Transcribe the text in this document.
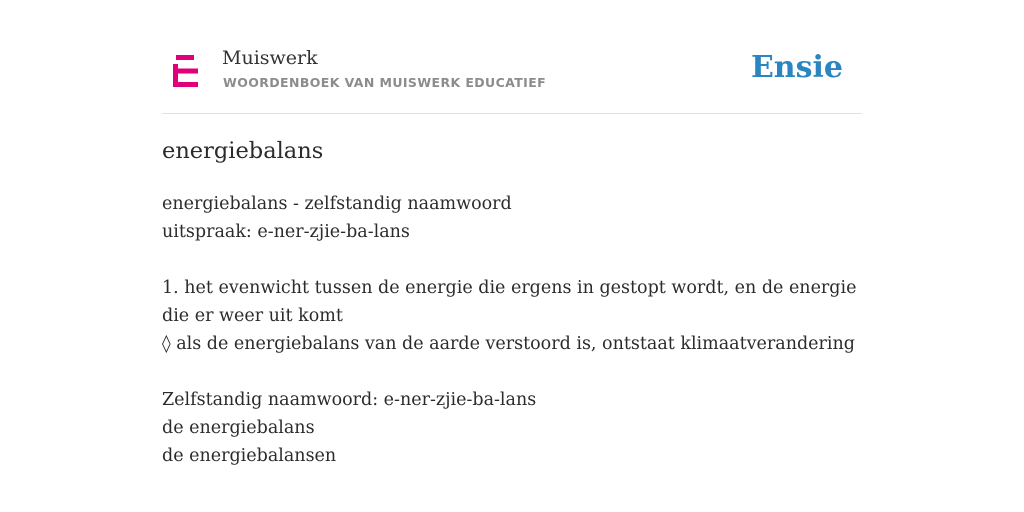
Muiswerk
WOORDENBOEK VAN MUISWERK EDUCATIEF	Ensie
energiebalans
energiebalans - zelfstandig naamwoord
uitspraak: e-ner-zjie-ba-lans
1. het evenwicht tussen de energie die ergens in gestopt wordt, en de energie die er weer uit komt
◊ als de energiebalans van de aarde verstoord is, ontstaat klimaatverandering
Zelfstandig naamwoord: e-ner-zjie-ba-lans
de energiebalans
de energiebalansen
